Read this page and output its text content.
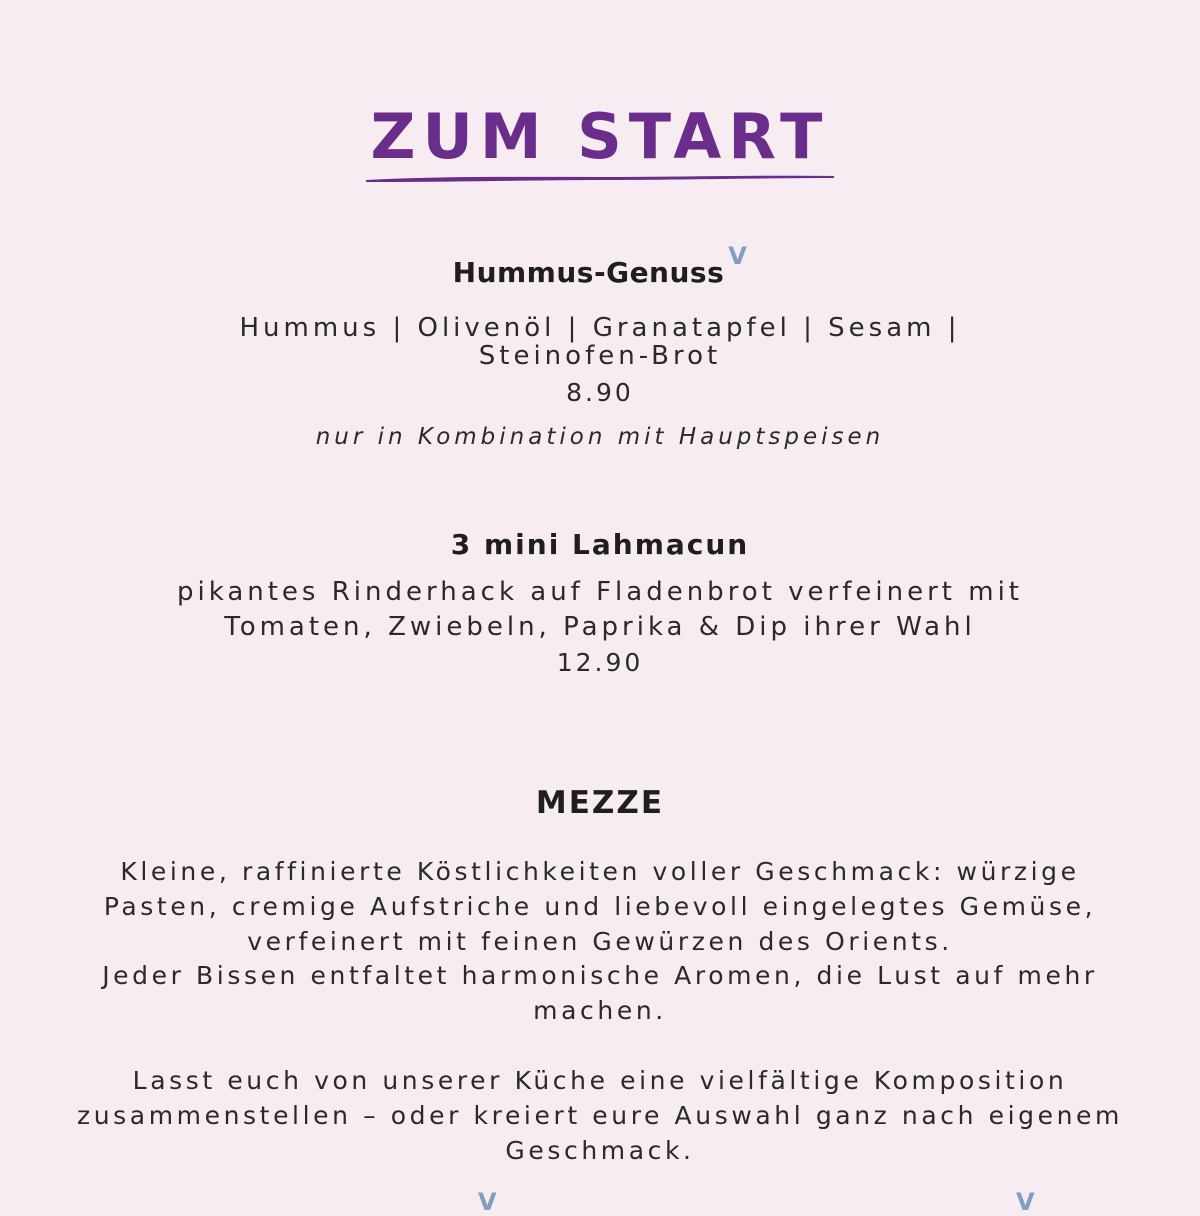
ZUM START
Hummus-Genuss V
Hummus | Olivenöl | Granatapfel | Sesam |
Steinofen-Brot
8.90
nur in Kombination mit Hauptspeisen
3 mini Lahmacun
pikantes Rinderhack auf Fladenbrot verfeinert mit
Tomaten, Zwiebeln, Paprika & Dip ihrer Wahl
12.90
MEZZE
Kleine, raffinierte Köstlichkeiten voller Geschmack: würzige
Pasten, cremige Aufstriche und liebevoll eingelegtes Gemüse,
verfeinert mit feinen Gewürzen des Orients.
Jeder Bissen entfaltet harmonische Aromen, die Lust auf mehr
machen.
Lasst euch von unserer Küche eine vielfältige Komposition
zusammenstellen – oder kreiert eure Auswahl ganz nach eigenem
Geschmack.
V	V
